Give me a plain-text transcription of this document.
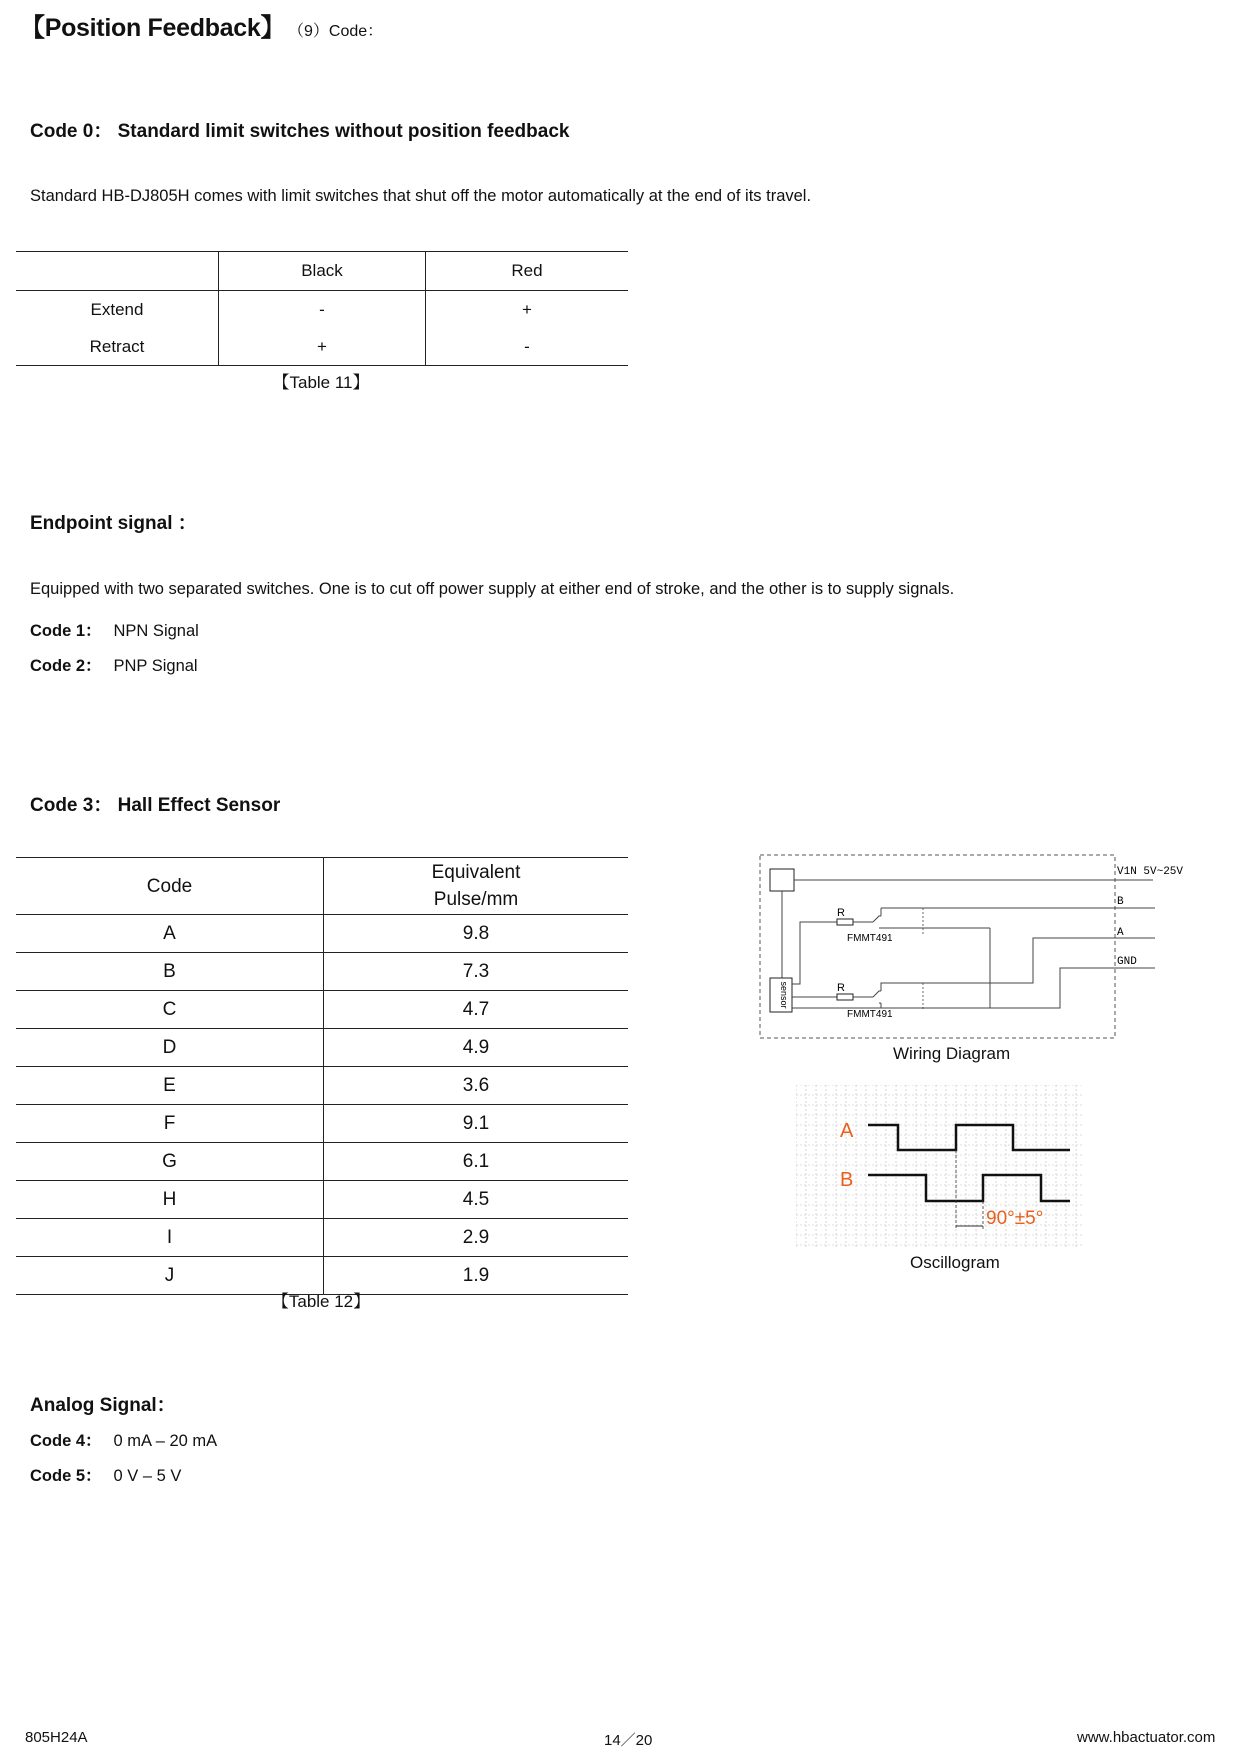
【Position Feedback】 （9）Code：
Code 0： Standard limit switches without position feedback
Standard HB-DJ805H comes with limit switches that shut off the motor automatically at the end of its travel.
	Black	Red
Extend	-	+
Retract	+	-
【Table 11】
Endpoint signal ：
Equipped with two separated switches. One is to cut off power supply at either end of stroke, and the other is to supply signals.
Code 1： NPN Signal
Code 2： PNP Signal
Code 3： Hall Effect Sensor
Code	Equivalent
Pulse/mm
A	9.8
B	7.3
C	4.7
D	4.9
E	3.6
F	9.1
G	6.1
H	4.5
I	2.9
J	1.9
【Table 12】
sensor
R
FMMT491
R
FMMT491
V1N 5V~25V
B
A
GND
Wiring Diagram
A
B
90°±5°
Oscillogram
Analog Signal：
Code 4： 0 mA – 20 mA
Code 5： 0 V – 5 V
805H24A	14／20	www.hbactuator.com
